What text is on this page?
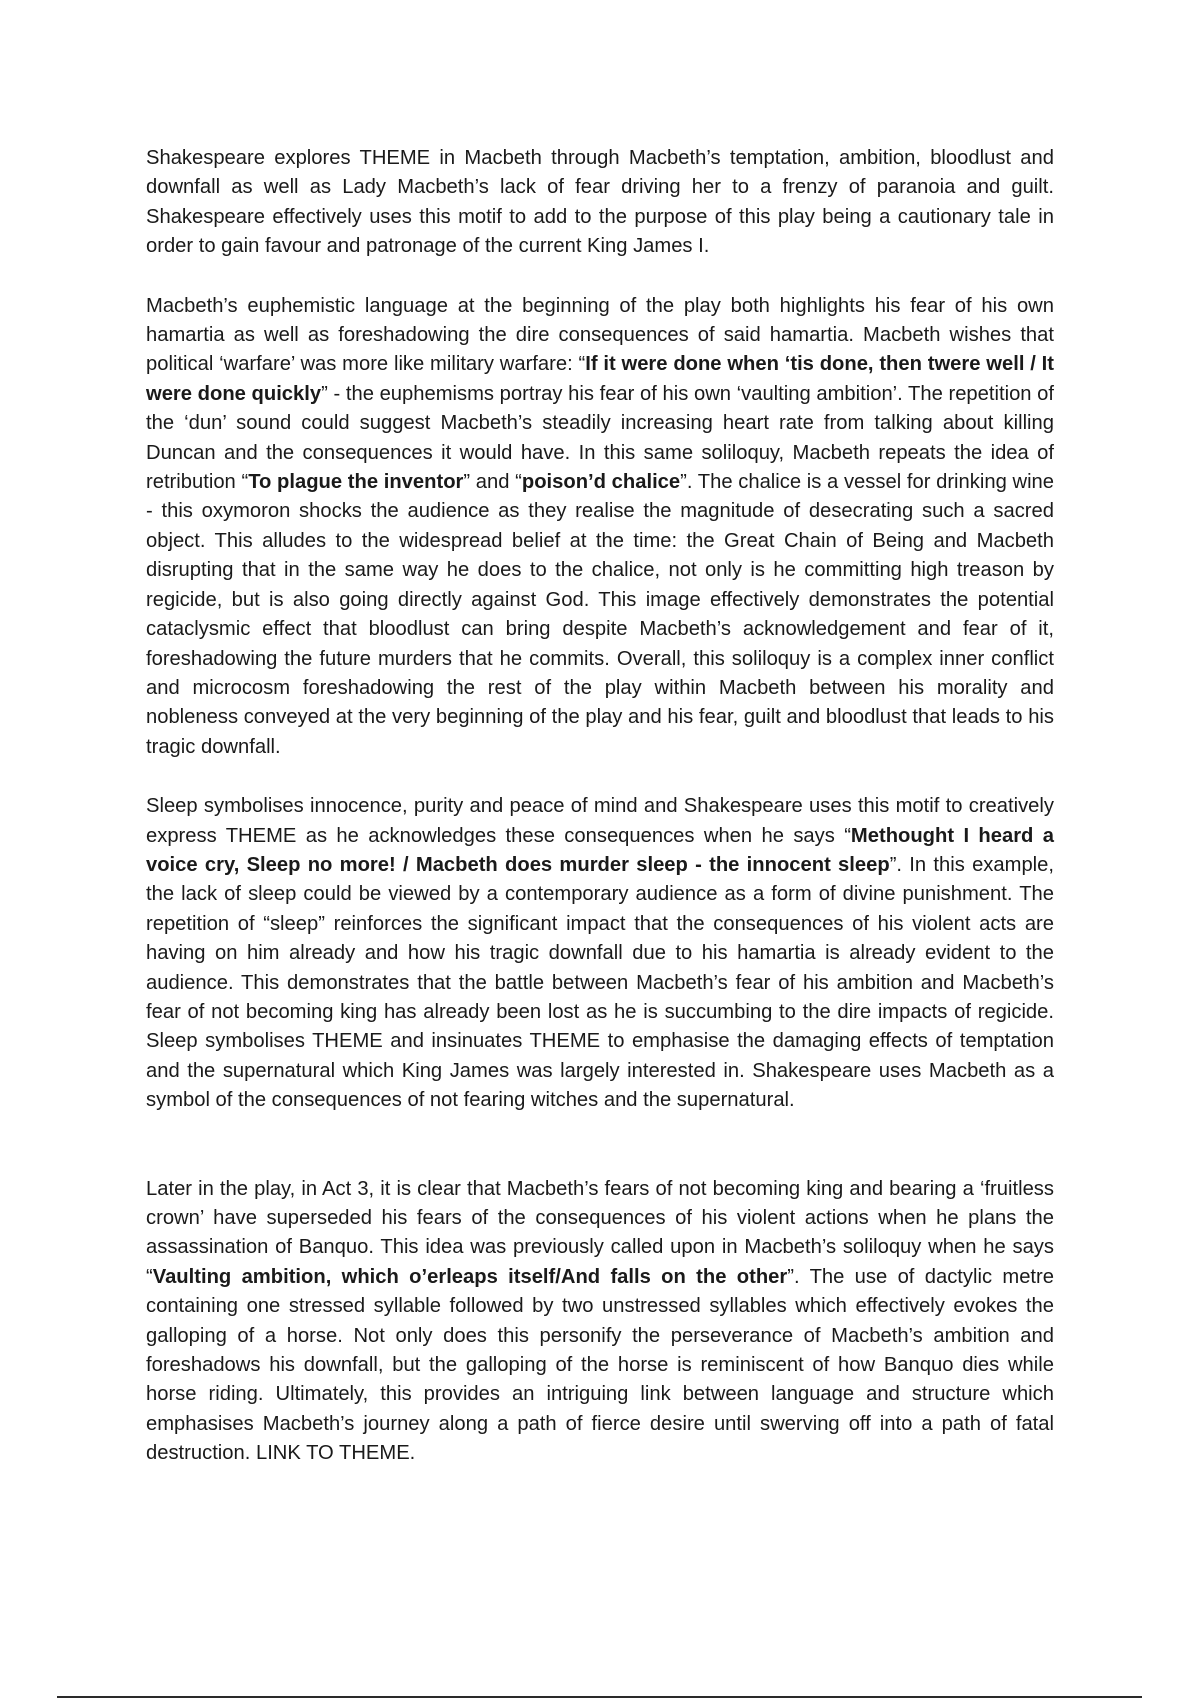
Shakespeare explores THEME in Macbeth through Macbeth’s temptation, ambition, bloodlust and downfall as well as Lady Macbeth’s lack of fear driving her to a frenzy of paranoia and guilt. Shakespeare effectively uses this motif to add to the purpose of this play being a cautionary tale in order to gain favour and patronage of the current King James I.

Macbeth’s euphemistic language at the beginning of the play both highlights his fear of his own hamartia as well as foreshadowing the dire consequences of said hamartia. Macbeth wishes that political ‘warfare’ was more like military warfare: “If it were done when ‘tis done, then twere well / It were done quickly” - the euphemisms portray his fear of his own ‘vaulting ambition’. The repetition of the ‘dun’ sound could suggest Macbeth’s steadily increasing heart rate from talking about killing Duncan and the consequences it would have. In this same soliloquy, Macbeth repeats the idea of retribution “To plague the inventor” and “poison’d chalice”. The chalice is a vessel for drinking wine - this oxymoron shocks the audience as they realise the magnitude of desecrating such a sacred object. This alludes to the widespread belief at the time: the Great Chain of Being and Macbeth disrupting that in the same way he does to the chalice, not only is he committing high treason by regicide, but is also going directly against God. This image effectively demonstrates the potential cataclysmic effect that bloodlust can bring despite Macbeth’s acknowledgement and fear of it, foreshadowing the future murders that he commits. Overall, this soliloquy is a complex inner conflict and microcosm foreshadowing the rest of the play within Macbeth between his morality and nobleness conveyed at the very beginning of the play and his fear, guilt and bloodlust that leads to his tragic downfall.

Sleep symbolises innocence, purity and peace of mind and Shakespeare uses this motif to creatively express THEME as he acknowledges these consequences when he says “Methought I heard a voice cry, Sleep no more! / Macbeth does murder sleep - the innocent sleep”. In this example, the lack of sleep could be viewed by a contemporary audience as a form of divine punishment. The repetition of “sleep” reinforces the significant impact that the consequences of his violent acts are having on him already and how his tragic downfall due to his hamartia is already evident to the audience. This demonstrates that the battle between Macbeth’s fear of his ambition and Macbeth’s fear of not becoming king has already been lost as he is succumbing to the dire impacts of regicide. Sleep symbolises THEME and insinuates THEME to emphasise the damaging effects of temptation and the supernatural which King James was largely interested in. Shakespeare uses Macbeth as a symbol of the consequences of not fearing witches and the supernatural.

Later in the play, in Act 3, it is clear that Macbeth’s fears of not becoming king and bearing a ‘fruitless crown’ have superseded his fears of the consequences of his violent actions when he plans the assassination of Banquo. This idea was previously called upon in Macbeth’s soliloquy when he says “Vaulting ambition, which o’erleaps itself/And falls on the other”. The use of dactylic metre containing one stressed syllable followed by two unstressed syllables which effectively evokes the galloping of a horse. Not only does this personify the perseverance of Macbeth’s ambition and foreshadows his downfall, but the galloping of the horse is reminiscent of how Banquo dies while horse riding. Ultimately, this provides an intriguing link between language and structure which emphasises Macbeth’s journey along a path of fierce desire until swerving off into a path of fatal destruction. LINK TO THEME.
